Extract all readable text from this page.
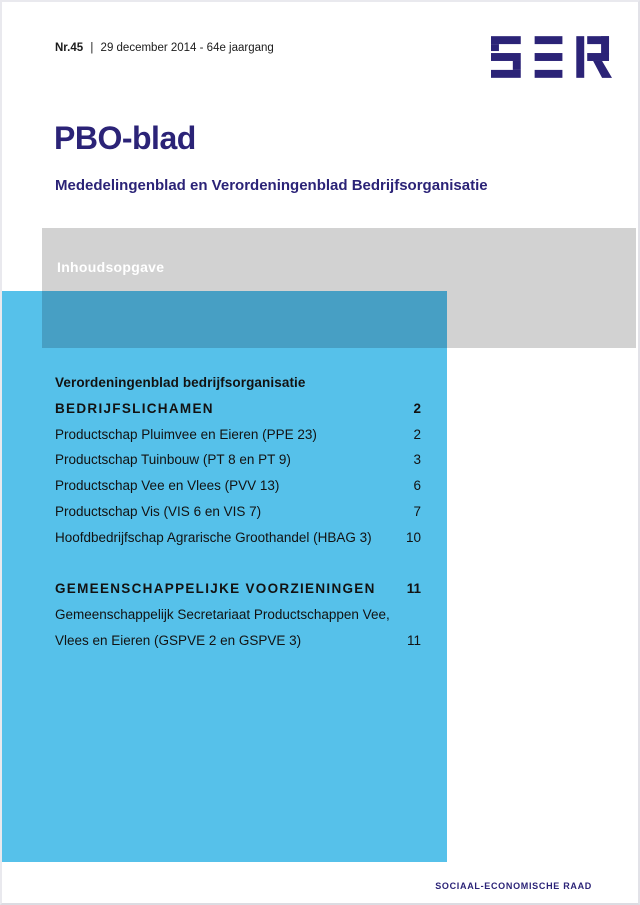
Nr.45 | 29 december 2014 - 64e jaargang
PBO-blad
Mededelingenblad en Verordeningenblad Bedrijfsorganisatie
Inhoudsopgave
Verordeningenblad bedrijfsorganisatie
BEDRIJFSLICHAMEN	2
Productschap Pluimvee en Eieren (PPE 23)	2
Productschap Tuinbouw (PT 8 en PT 9)	3
Productschap Vee en Vlees (PVV 13)	6
Productschap Vis (VIS 6 en VIS 7)	7
Hoofdbedrijfschap Agrarische Groothandel (HBAG 3)	10
GEMEENSCHAPPELIJKE VOORZIENINGEN	11
Gemeenschappelijk Secretariaat Productschappen Vee,
Vlees en Eieren (GSPVE 2 en GSPVE 3)	11
SOCIAAL-ECONOMISCHE RAAD
